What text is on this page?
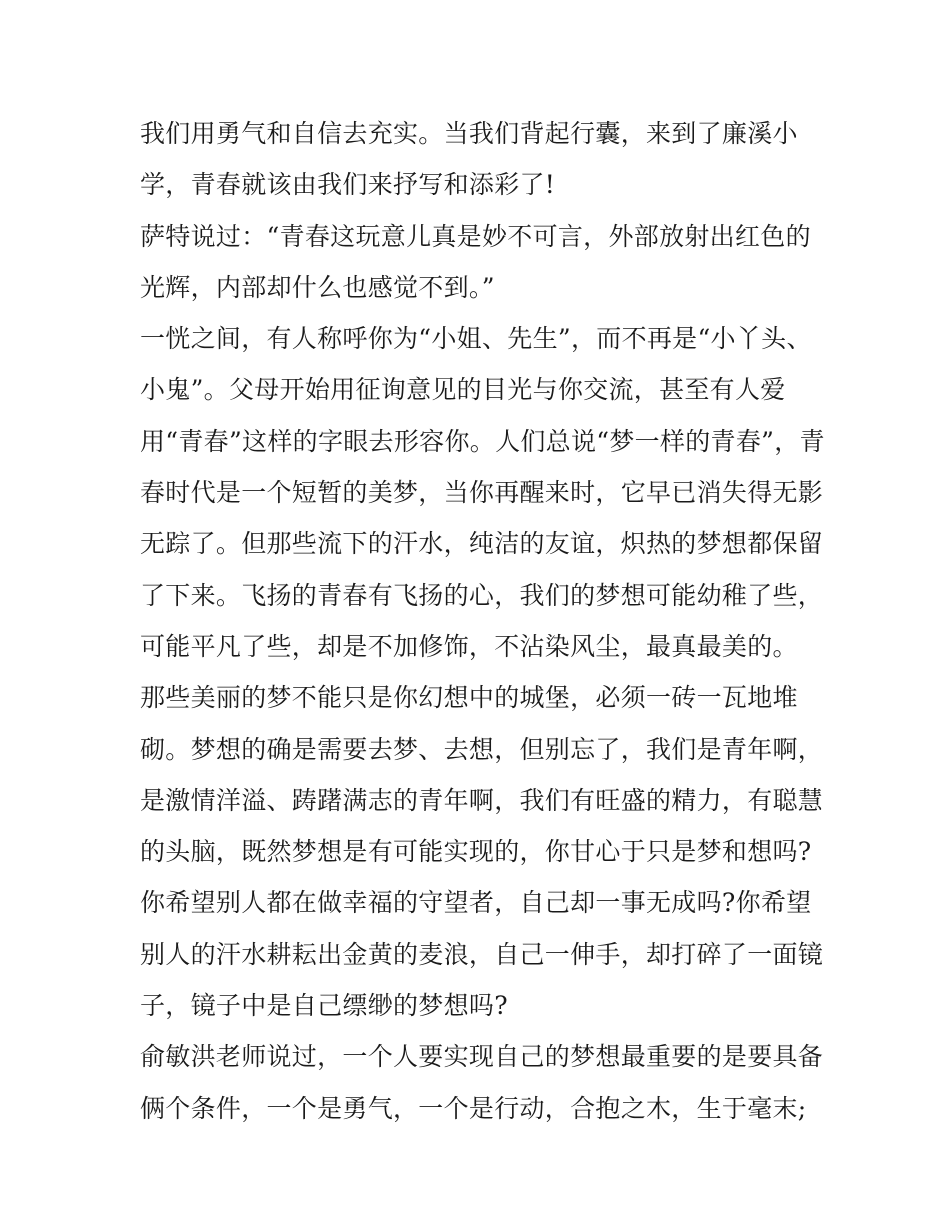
我们用勇气和自信去充实。当我们背起行囊，来到了廉溪小
学，青春就该由我们来抒写和添彩了!
萨特说过：“青春这玩意儿真是妙不可言，外部放射出红色的
光辉，内部却什么也感觉不到。”
一恍之间，有人称呼你为“小姐、先生”，而不再是“小丫头、
小鬼”。父母开始用征询意见的目光与你交流，甚至有人爱
用“青春”这样的字眼去形容你。人们总说“梦一样的青春”，青
春时代是一个短暂的美梦，当你再醒来时，它早已消失得无影
无踪了。但那些流下的汗水，纯洁的友谊，炽热的梦想都保留
了下来。飞扬的青春有飞扬的心，我们的梦想可能幼稚了些，
可能平凡了些，却是不加修饰，不沾染风尘，最真最美的。
那些美丽的梦不能只是你幻想中的城堡，必须一砖一瓦地堆
砌。梦想的确是需要去梦、去想，但别忘了，我们是青年啊，
是激情洋溢、踌躇满志的青年啊，我们有旺盛的精力，有聪慧
的头脑，既然梦想是有可能实现的，你甘心于只是梦和想吗?
你希望别人都在做幸福的守望者，自己却一事无成吗?你希望
别人的汗水耕耘出金黄的麦浪，自己一伸手，却打碎了一面镜
子，镜子中是自己缥缈的梦想吗?
俞敏洪老师说过，一个人要实现自己的梦想最重要的是要具备
俩个条件，一个是勇气，一个是行动，合抱之木，生于毫末;
